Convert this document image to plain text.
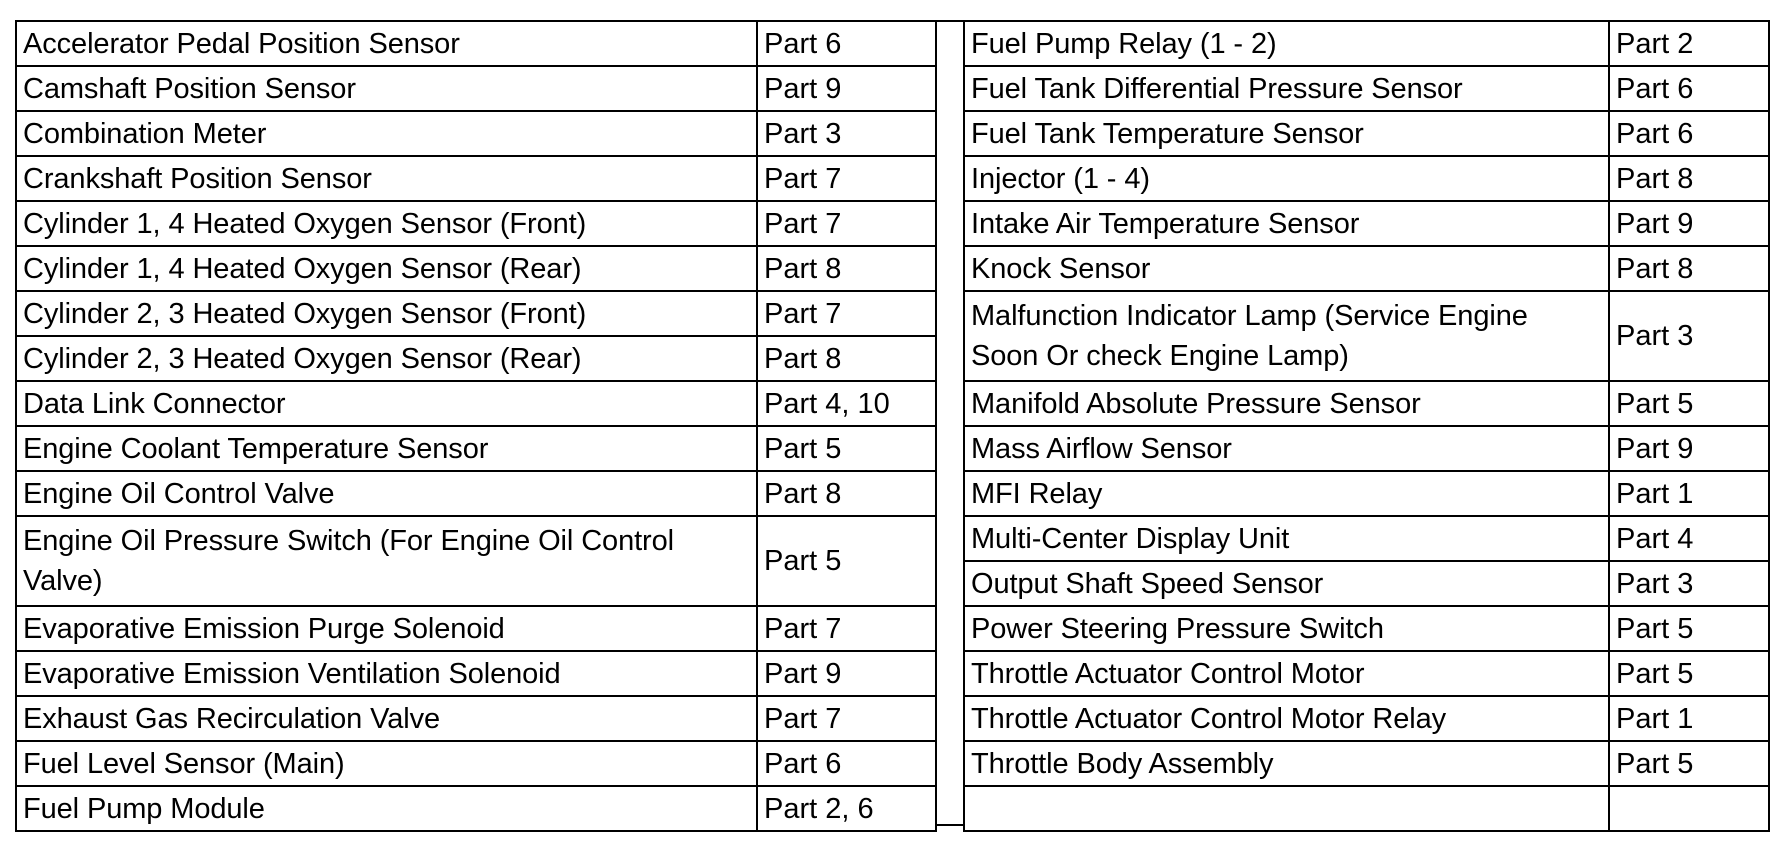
Accelerator Pedal Position Sensor	Part 6
Camshaft Position Sensor	Part 9
Combination Meter	Part 3
Crankshaft Position Sensor	Part 7
Cylinder 1, 4 Heated Oxygen Sensor (Front)	Part 7
Cylinder 1, 4 Heated Oxygen Sensor (Rear)	Part 8
Cylinder 2, 3 Heated Oxygen Sensor (Front)	Part 7
Cylinder 2, 3 Heated Oxygen Sensor (Rear)	Part 8
Data Link Connector	Part 4, 10
Engine Coolant Temperature Sensor	Part 5
Engine Oil Control Valve	Part 8
Engine Oil Pressure Switch (For Engine Oil Control Valve)	Part 5
Evaporative Emission Purge Solenoid	Part 7
Evaporative Emission Ventilation Solenoid	Part 9
Exhaust Gas Recirculation Valve	Part 7
Fuel Level Sensor (Main)	Part 6
Fuel Pump Module	Part 2, 6
Fuel Pump Relay (1 - 2)	Part 2
Fuel Tank Differential Pressure Sensor	Part 6
Fuel Tank Temperature Sensor	Part 6
Injector (1 - 4)	Part 8
Intake Air Temperature Sensor	Part 9
Knock Sensor	Part 8
Malfunction Indicator Lamp (Service Engine Soon Or check Engine Lamp)	Part 3
Manifold Absolute Pressure Sensor	Part 5
Mass Airflow Sensor	Part 9
MFI Relay	Part 1
Multi-Center Display Unit	Part 4
Output Shaft Speed Sensor	Part 3
Power Steering Pressure Switch	Part 5
Throttle Actuator Control Motor	Part 5
Throttle Actuator Control Motor Relay	Part 1
Throttle Body Assembly	Part 5
